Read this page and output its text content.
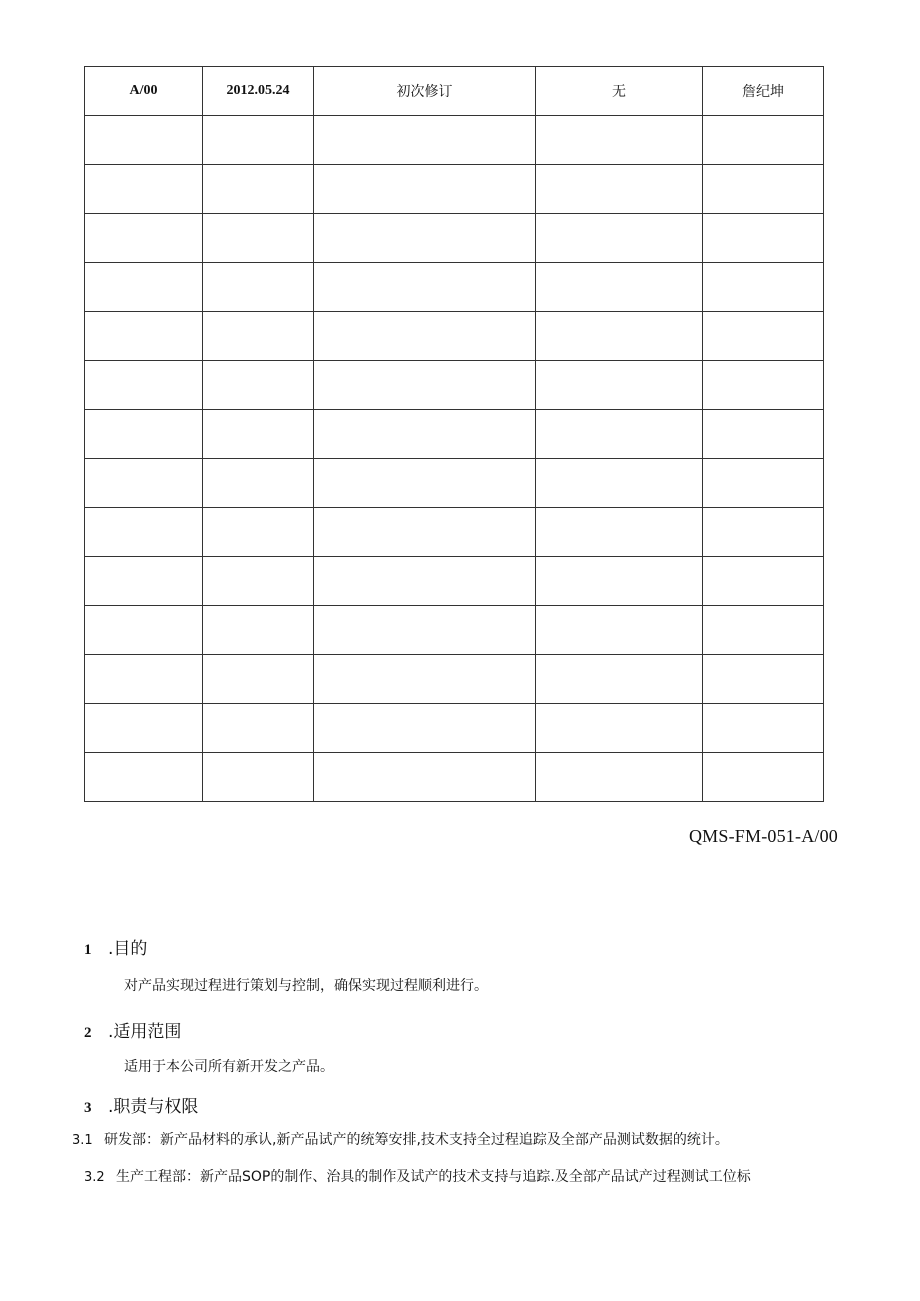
A/00	2012.05.24	初次修订	无	詹纪坤

QMS-FM-051-A/00
1 .目的
对产品实现过程进行策划与控制，确保实现过程顺利进行。
2 .适用范围
适用于本公司所有新开发之产品。
3 .职责与权限
3.1 研发部：新产品材料的承认,新产品试产的统筹安排,技术支持全过程追踪及全部产品测试数据的统计。
3.2 生产工程部：新产品SOP的制作、治具的制作及试产的技术支持与追踪.及全部产品试产过程测试工位标
